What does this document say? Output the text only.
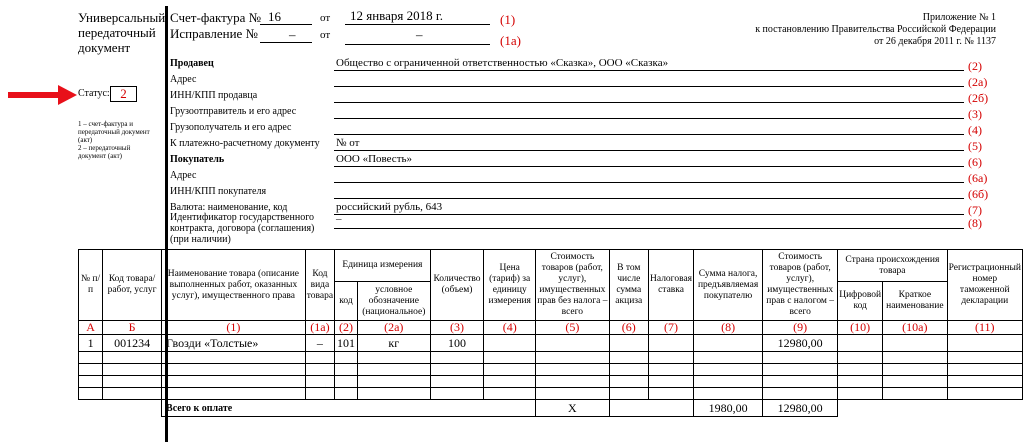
Универсальный
передаточный
документ
Статус: 2
1 – счет-фактура и
передаточный документ
(акт)
2 – передаточный
документ (акт)
Счет-фактура № 16	от 12 января 2018 г.	(1)
Исправление № – от	–	(1а)
Приложение № 1
к постановлению Правительства Российской Федерации
от 26 декабря 2011 г. № 1137
Продавец	Общество с ограниченной ответственностью «Сказка», ООО «Сказка»	(2)
Адрес	(2а)
ИНН/КПП продавца	(2б)
Грузоотправитель и его адрес	(3)
Грузополучатель и его адрес	(4)
К платежно-расчетному документу № от	(5)
Покупатель	ООО «Повесть»	(6)
Адрес	(6а)
ИНН/КПП покупателя	(6б)
Валюта: наименование, код	российский рубль, 643	(7)
Идентификатор государственного
контракта, договора (соглашения)
(при наличии)
–	(8)
№ п/п	Код товара/ работ, услуг	Наименование товара (описание выполненных работ, оказанных услуг), имущественного права	Код вида товара	Единица измерения		Количество (объем)	Цена (тариф) за единицу измерения	Стоимость товаров (работ, услуг), имущественных прав без налога – всего	В том числе сумма акциза	Налоговая ставка	Сумма налога, предъявляемая покупателю	Стоимость товаров (работ, услуг), имущественных прав с налогом – всего	Страна происхождения товара		Регистрационный номер таможенной декларации
				код	условное обозначение (национальное)								Цифровой код	Краткое наименование	
А	Б	(1)	(1а)	(2)	(2а)	(3)	(4)	(5)	(6)	(7)	(8)	(9)	(10)	(10а)	(11)
1	001234	Гвозди «Толстые»	–	101	кг	100						12980,00			

		Всего к оплате						Х			1980,00	12980,00			
